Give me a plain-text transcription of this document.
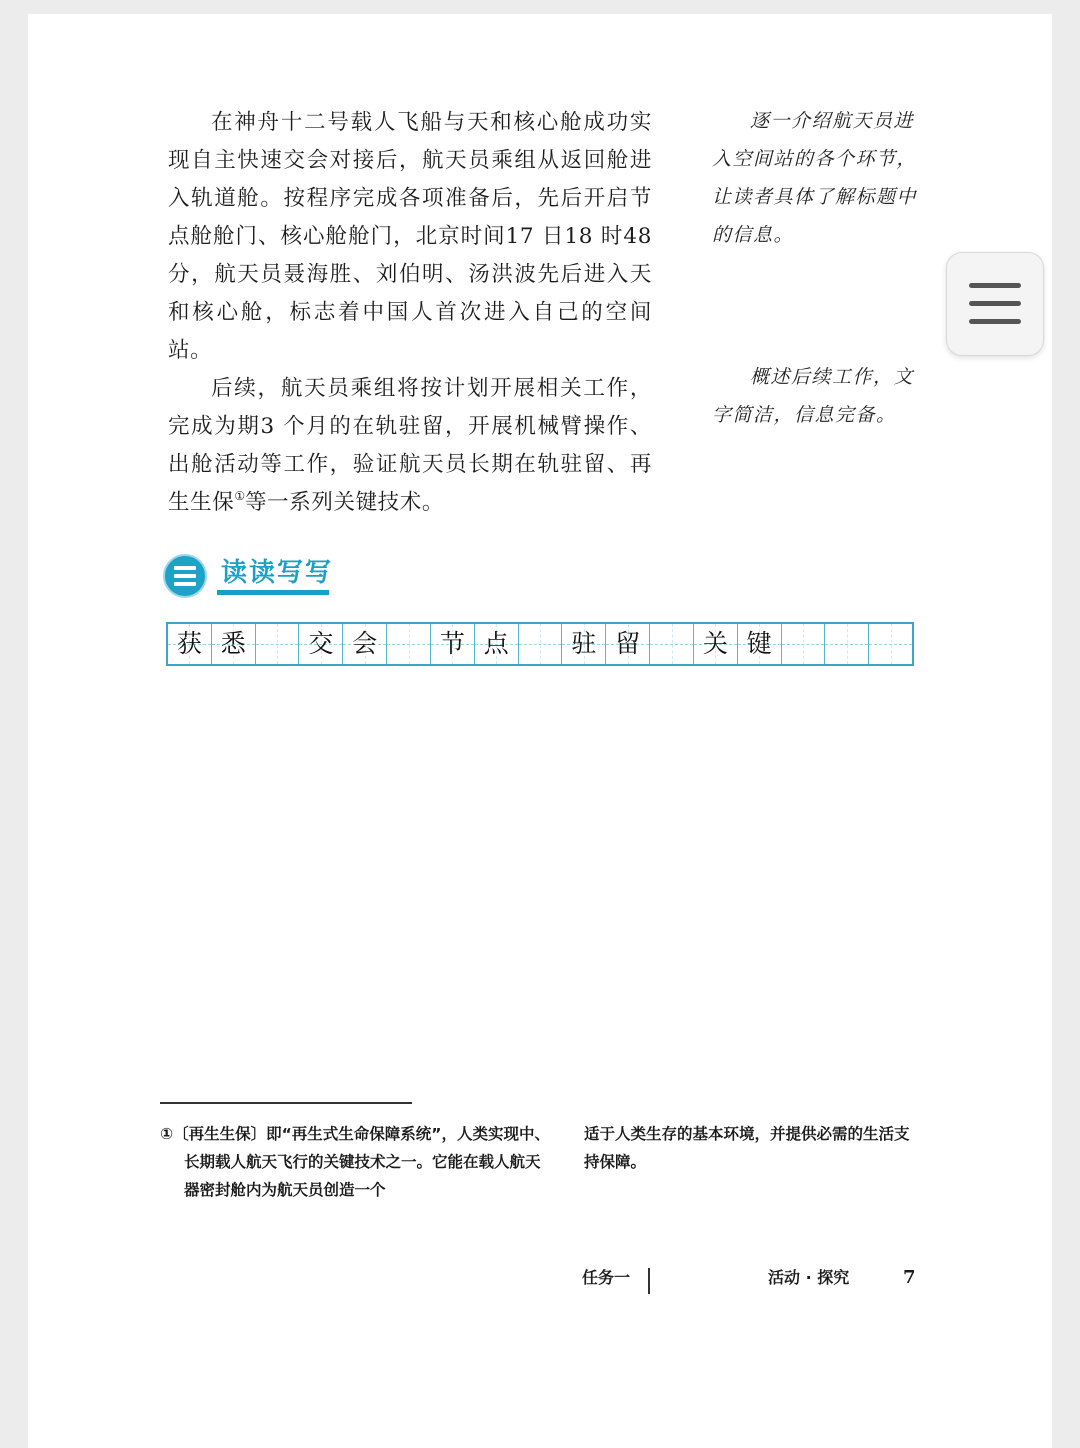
在神舟十二号载人飞船与天和核心舱成功实现自主快速交会对接后，航天员乘组从返回舱进入轨道舱。按程序完成各项准备后，先后开启节点舱舱门、核心舱舱门，北京时间17 日18 时48分，航天员聂海胜、刘伯明、汤洪波先后进入天和核心舱，标志着中国人首次进入自己的空间站。

后续，航天员乘组将按计划开展相关工作，完成为期3 个月的在轨驻留，开展机械臂操作、出舱活动等工作，验证航天员长期在轨驻留、再生生保①等一系列关键技术。

逐一介绍航天员进入空间站的各个环节，让读者具体了解标题中的信息。

概述后续工作，文字简洁，信息完备。

读读写写
获 悉	交 会	节 点	驻 留	关 键
①〔再生生保〕即“再生式生命保障系统”，人类实现中、长期载人航天飞行的关键技术之一。它能在载人航天器密封舱内为航天员创造一个
适于人类生存的基本环境，并提供必需的生活支持保障。
任务一	活动 · 探究	7
